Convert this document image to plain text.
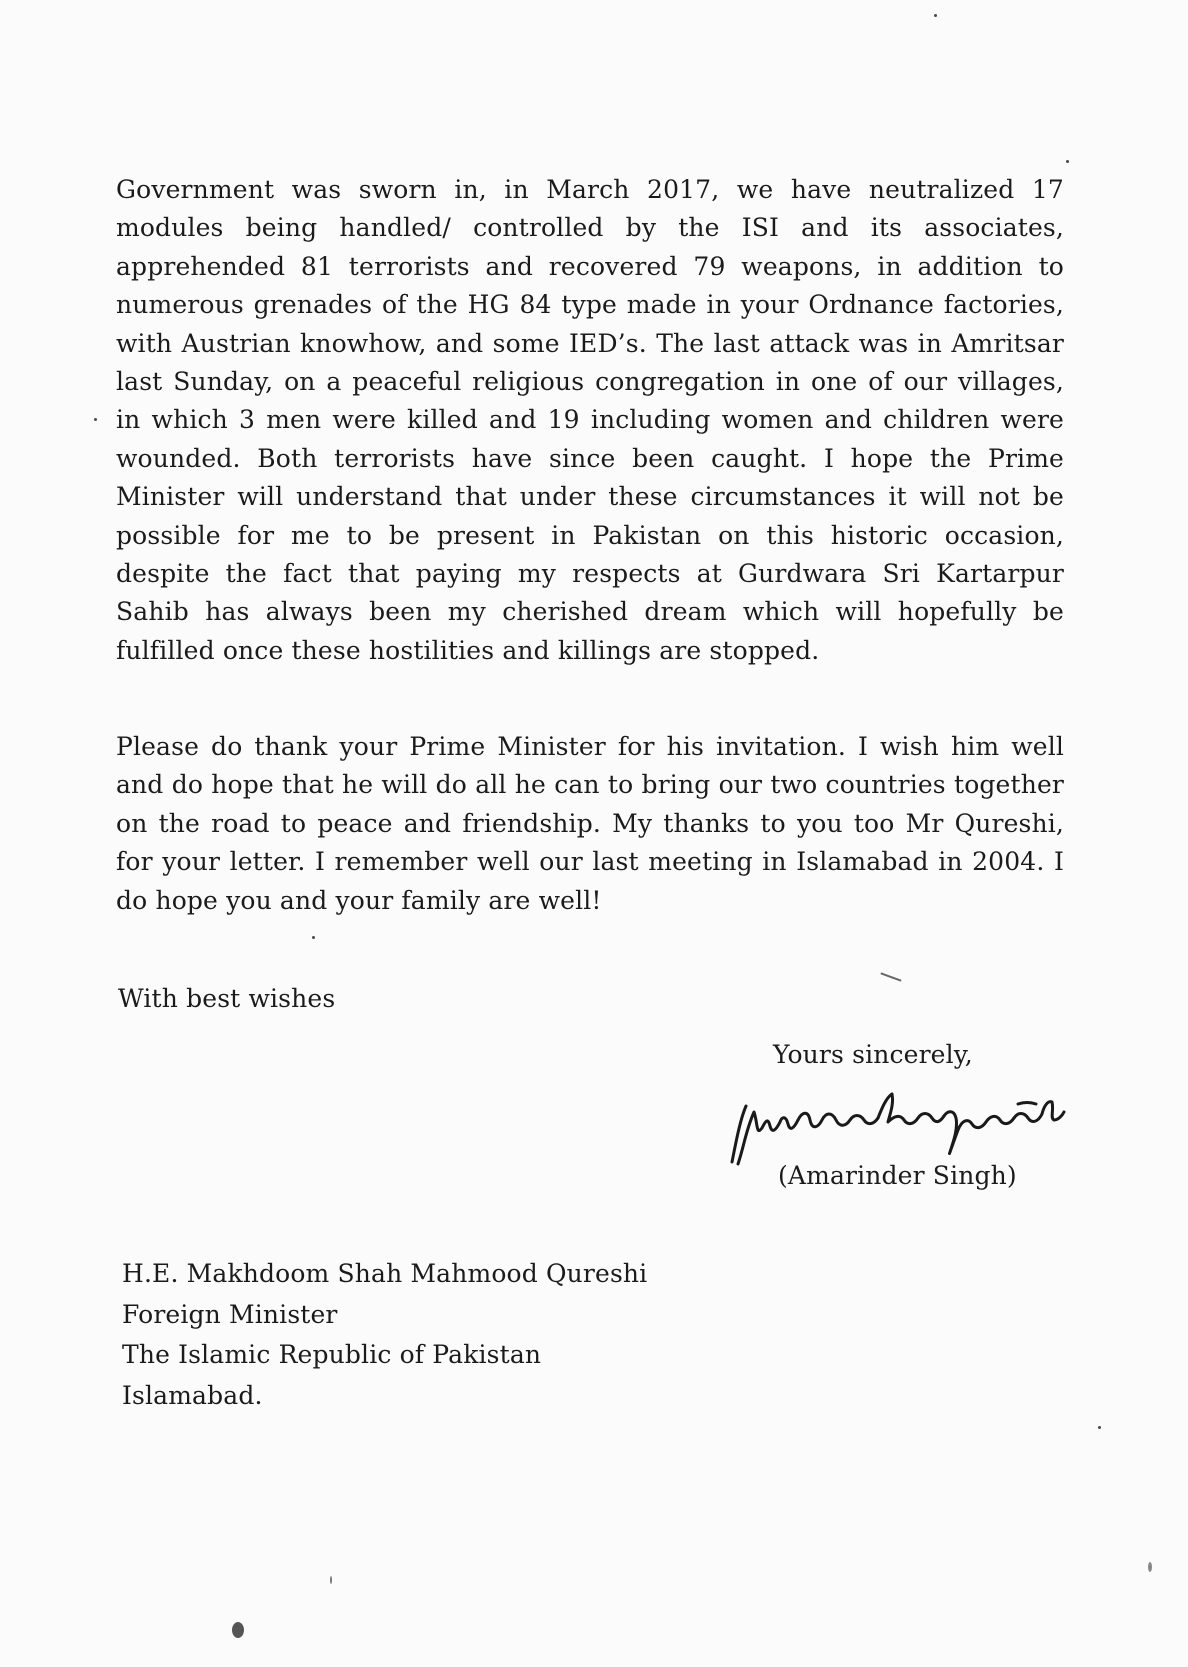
Government was sworn in, in March 2017, we have neutralized 17 modules being handled/ controlled by the ISI and its associates, apprehended 81 terrorists and recovered 79 weapons, in addition to numerous grenades of the HG 84 type made in your Ordnance factories, with Austrian knowhow, and some IED’s. The last attack was in Amritsar last Sunday, on a peaceful religious congregation in one of our villages, in which 3 men were killed and 19 including women and children were wounded. Both terrorists have since been caught. I hope the Prime Minister will understand that under these circumstances it will not be possible for me to be present in Pakistan on this historic occasion, despite the fact that paying my respects at Gurdwara Sri Kartarpur Sahib has always been my cherished dream which will hopefully be fulfilled once these hostilities and killings are stopped.

Please do thank your Prime Minister for his invitation. I wish him well and do hope that he will do all he can to bring our two countries together on the road to peace and friendship. My thanks to you too Mr Qureshi, for your letter. I remember well our last meeting in Islamabad in 2004. I do hope you and your family are well!

With best wishes

Yours sincerely,

(Amarinder Singh)

H.E. Makhdoom Shah Mahmood Qureshi
Foreign Minister
The Islamic Republic of Pakistan
Islamabad.
